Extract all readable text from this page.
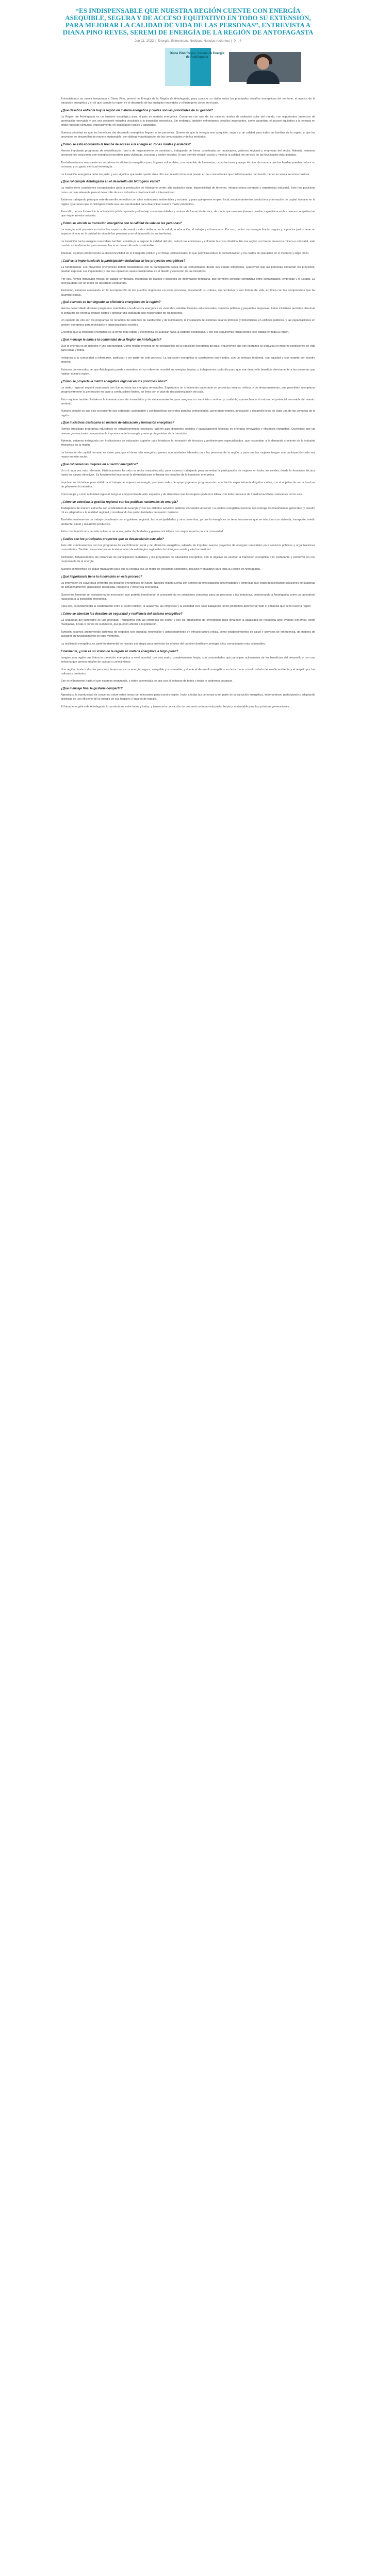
“ES INDISPENSABLE QUE NUESTRA REGIÓN CUENTE CON ENERGÍA ASEQUIBLE, SEGURA Y DE ACCESO EQUITATIVO EN TODO SU EXTENSIÓN, PARA MEJORAR LA CALIDAD DE VIDA DE LAS PERSONAS”, ENTREVISTA A DIANA PINO REYES, SEREMI DE ENERGÍA DE LA REGIÓN DE ANTOFAGASTA
Jun 11, 2022 | Energía, Entrevistas, Noticias, Noticias recientes | 0 | 4
Diana Pino Reyes, Seremi de Energía de Antofagasta

Entrevistamos en nueva temporada a Diana Pino, seremi de Energía de la Región de Antofagasta, para conocer su visión sobre los principales desafíos energéticos del territorio, el avance de la transición energética y el rol que cumple la región en el desarrollo de las energías renovables y el hidrógeno verde en el país.

¿Qué desafíos enfrenta hoy la región en materia energética y cuáles son las prioridades de su gestión?

La Región de Antofagasta es un territorio estratégico para el país en materia energética. Contamos con uno de los mejores niveles de radiación solar del mundo, con importantes proyectos de generación renovable y con una creciente industria vinculada a la transición energética. Sin embargo, también enfrentamos desafíos importantes, como garantizar el acceso equitativo a la energía en todas nuestras comunas, especialmente en localidades rurales y apartadas.

Nuestra prioridad es que los beneficios del desarrollo energético lleguen a las personas. Queremos que la energía sea asequible, segura y de calidad para todas las familias de la región, y que los proyectos se desarrollen de manera sustentable, con diálogo y participación de las comunidades y de los territorios.

¿Cómo se está abordando la brecha de acceso a la energía en zonas rurales y aisladas?

Hemos impulsado programas de electrificación rural y de mejoramiento de suministro, trabajando de forma coordinada con municipios, gobierno regional y empresas del sector. Además, estamos promoviendo soluciones con energías renovables para viviendas, escuelas y sedes sociales, lo que permite reducir costos y mejorar la calidad del servicio en las localidades más alejadas.

También estamos avanzando en iniciativas de eficiencia energética para hogares vulnerables, con recambio de luminarias, capacitaciones y apoyo técnico, de manera que las familias puedan reducir su consumo y su gasto mensual en energía.

La transición energética debe ser justa, y eso significa que nadie quede atrás. Por eso nuestro foco está puesto en las comunidades que históricamente han tenido menor acceso a servicios básicos.

¿Qué rol cumple Antofagasta en el desarrollo del hidrógeno verde?

La región tiene condiciones excepcionales para la producción de hidrógeno verde: alta radiación solar, disponibilidad de terrenos, infraestructura portuaria y experiencia industrial. Esto nos posiciona como un polo relevante para el desarrollo de esta industria a nivel nacional e internacional.

Estamos trabajando para que este desarrollo se realice con altos estándares ambientales y sociales, y para que genere empleo local, encadenamientos productivos y formación de capital humano en la región. Queremos que el hidrógeno verde sea una oportunidad para diversificar nuestra matriz productiva.

Para ello, hemos fortalecido la articulación público-privada y el trabajo con universidades y centros de formación técnica, de modo que nuestros jóvenes puedan capacitarse en las nuevas competencias que requerirá esta industria.

¿Cómo se vincula la transición energética con la calidad de vida de las personas?

La energía está presente en todos los aspectos de nuestra vida cotidiana: en la salud, la educación, el trabajo y el transporte. Por eso, contar con energía limpia, segura y a precios justos tiene un impacto directo en la calidad de vida de las personas y en el desarrollo de los territorios.

La transición hacia energías renovables también contribuye a mejorar la calidad del aire, reducir las emisiones y enfrentar la crisis climática. En una región con fuerte presencia minera e industrial, este cambio es fundamental para avanzar hacia un desarrollo más sustentable.

Además, estamos promoviendo la electromovilidad en el transporte público y en flotas institucionales, lo que permitirá reducir la contaminación y los costos de operación en el mediano y largo plazo.

¿Cuál es la importancia de la participación ciudadana en los proyectos energéticos?

Es fundamental. Los proyectos energéticos deben desarrollarse con la participación activa de las comunidades desde sus etapas tempranas. Queremos que las personas conozcan los proyectos, puedan expresar sus inquietudes y que sus opiniones sean consideradas en el diseño y ejecución de las iniciativas.

Por eso, hemos impulsado mesas de trabajo territoriales, instancias de diálogo y procesos de información temprana, que permiten construir confianzas entre comunidades, empresas y el Estado. La energía debe ser un motor de desarrollo compartido.

Asimismo, estamos avanzando en la incorporación de los pueblos originarios en estos procesos, respetando su cultura, sus territorios y sus formas de vida, en línea con los compromisos que ha asumido el país.

¿Qué avances se han logrado en eficiencia energética en la región?

Hemos desarrollado distintos programas orientados a la eficiencia energética en viviendas, establecimientos educacionales, servicios públicos y pequeñas empresas. Estas iniciativas permiten disminuir el consumo de energía, reducir costos y generar una cultura de uso responsable de los recursos.

Un ejemplo de ello son los programas de recambio de sistemas de calefacción y de iluminación, la instalación de sistemas solares térmicos y fotovoltaicos en edificios públicos, y las capacitaciones en gestión energética para municipios y organizaciones sociales.

Creemos que la eficiencia energética es la forma más rápida y económica de avanzar hacia la carbono neutralidad, y por eso seguiremos fortaleciendo este trabajo en toda la región.

¿Qué mensaje le daría a la comunidad de la Región de Antofagasta?

Que la energía es un derecho y una oportunidad. Como región tenemos un rol protagónico en la transición energética del país, y queremos que ese liderazgo se traduzca en mejores condiciones de vida para todas y todos.

Invitamos a la comunidad a informarse, participar y ser parte de este proceso. La transición energética la construimos entre todos, con un enfoque territorial, con equidad y con respeto por nuestro entorno.

Estamos convencidos de que Antofagasta puede convertirse en un referente mundial en energías limpias, y trabajaremos cada día para que ese desarrollo beneficie directamente a las personas que habitan nuestra región.

¿Cómo se proyecta la matriz energética regional en los próximos años?

La matriz regional seguirá avanzando con fuerza hacia las energías renovables. Esperamos un crecimiento importante en proyectos solares, eólicos y de almacenamiento, que permitirán reemplazar progresivamente la generación en base a combustibles fósiles, en línea con el plan de descarbonización del país.

Esto requiere también fortalecer la infraestructura de transmisión y de almacenamiento, para asegurar un suministro continuo y confiable, aprovechando al máximo el potencial renovable de nuestro territorio.

Nuestro desafío es que este crecimiento sea ordenado, sustentable y con beneficios concretos para las comunidades, generando empleo, innovación y desarrollo local en cada una de las comunas de la región.

¿Qué iniciativas destacaría en materia de educación y formación energética?

Hemos impulsado programas educativos en establecimientos escolares, talleres para dirigentes sociales y capacitaciones técnicas en energías renovables y eficiencia energética. Queremos que las nuevas generaciones comprendan la importancia de la energía y sean protagonistas de la transición.

Además, estamos trabajando con instituciones de educación superior para fortalecer la formación de técnicos y profesionales especializados, que respondan a la demanda creciente de la industria energética en la región.

La formación de capital humano es clave para que el desarrollo energético genere oportunidades laborales para las personas de la región, y para que las mujeres tengan una participación cada vez mayor en este sector.

¿Qué rol tienen las mujeres en el sector energético?

Un rol cada vez más relevante. Históricamente ha sido un sector masculinizado, pero estamos trabajando para aumentar la participación de mujeres en todos los niveles, desde la formación técnica hasta los cargos directivos. Es fundamental incorporar la diversidad para enfrentar los desafíos de la transición energética.

Impulsamos iniciativas para visibilizar el trabajo de mujeres en energía, promover redes de apoyo y generar programas de capacitación especialmente dirigidos a ellas, con el objetivo de cerrar brechas de género en la industria.

Como mujer y como autoridad regional, tengo el compromiso de abrir espacios y de demostrar que las mujeres podemos liderar con éxito procesos de transformación tan relevantes como este.

¿Cómo se coordina la gestión regional con las políticas nacionales de energía?

Trabajamos de manera estrecha con el Ministerio de Energía y con los distintos servicios públicos vinculados al sector. La política energética nacional nos entrega los lineamientos generales, y nuestro rol es adaptarlos a la realidad regional, considerando las particularidades de nuestro territorio.

También mantenemos un trabajo coordinado con el gobierno regional, las municipalidades y otras seremías, ya que la energía es un tema transversal que se relaciona con vivienda, transporte, medio ambiente, salud y desarrollo productivo.

Esta coordinación nos permite optimizar recursos, evitar duplicidades y generar iniciativas con mayor impacto para la comunidad.

¿Cuáles son los principales proyectos que se desarrollarán este año?

Este año continuaremos con los programas de electrificación rural y de eficiencia energética, además de impulsar nuevos proyectos de energías renovables para servicios públicos y organizaciones comunitarias. También avanzaremos en la elaboración de estrategias regionales de hidrógeno verde y electromovilidad.

Asimismo, fortaleceremos las instancias de participación ciudadana y los programas de educación energética, con el objetivo de acercar la transición energética a la ciudadanía y promover un uso responsable de la energía.

Nuestro compromiso es seguir trabajando para que la energía sea un motor de desarrollo sostenible, inclusivo y equitativo para toda la Región de Antofagasta.

¿Qué importancia tiene la innovación en este proceso?

La innovación es clave para enfrentar los desafíos energéticos del futuro. Nuestra región cuenta con centros de investigación, universidades y empresas que están desarrollando soluciones innovadoras en almacenamiento, generación distribuida, hidrógeno y eficiencia energética.

Queremos fomentar un ecosistema de innovación que permita transformar el conocimiento en soluciones concretas para las personas y las industrias, posicionando a Antofagasta como un laboratorio natural para la transición energética.

Para ello, es fundamental la colaboración entre el sector público, la academia, las empresas y la sociedad civil. Solo trabajando juntos podremos aprovechar todo el potencial que tiene nuestra región.

¿Cómo se abordan los desafíos de seguridad y resiliencia del sistema energético?

La seguridad del suministro es una prioridad. Trabajamos con las empresas del sector y con los organismos de emergencia para fortalecer la capacidad de respuesta ante eventos extremos, como marejadas, lluvias o cortes de suministro, que pueden afectar a la población.

También estamos promoviendo sistemas de respaldo con energías renovables y almacenamiento en infraestructura crítica, como establecimientos de salud y servicios de emergencia, de manera de asegurar su funcionamiento en todo momento.

La resiliencia energética es parte fundamental de nuestra estrategia para enfrentar los efectos del cambio climático y proteger a las comunidades más vulnerables.

Finalmente, ¿cuál es su visión de la región en materia energética a largo plazo?

Imagino una región que lidera la transición energética a nivel mundial, con una matriz completamente limpia, con comunidades que participan activamente de los beneficios del desarrollo y con una industria que genera empleo de calidad y conocimiento.

Una región donde todas las personas tienen acceso a energía segura, asequible y sustentable, y donde el desarrollo energético va de la mano con el cuidado del medio ambiente y el respeto por las culturas y territorios.

Ese es el horizonte hacia el que estamos avanzando, y estoy convencida de que con el esfuerzo de todos y todas lo podremos alcanzar.

¿Qué mensaje final le gustaría compartir?

Agradezco la oportunidad de conversar sobre estos temas tan relevantes para nuestra región. Invito a todas las personas a ser parte de la transición energética, informándose, participando y adoptando prácticas de uso eficiente de la energía en sus hogares y lugares de trabajo.

El futuro energético de Antofagasta lo construimos entre todos y todas, y tenemos la convicción de que será un futuro más justo, limpio y sustentable para las próximas generaciones.
